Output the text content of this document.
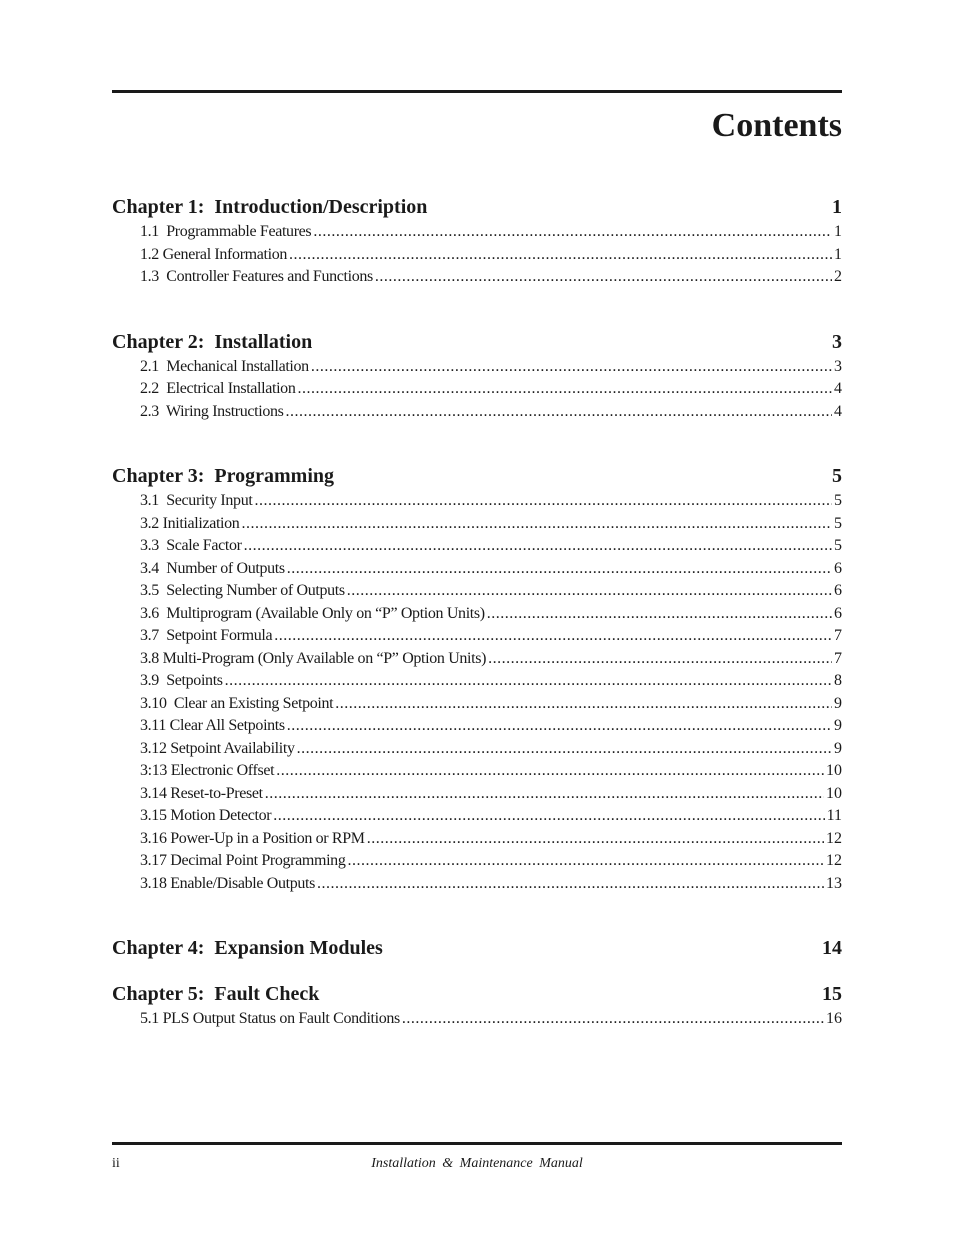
Contents
Chapter 1:  Introduction/Description	1
1.1  Programmable Features .....	1
1.2 General Information .....	1
1.3  Controller Features and Functions .....	2
Chapter 2:  Installation	3
2.1  Mechanical Installation .....	3
2.2  Electrical Installation .....	4
2.3  Wiring Instructions .....	4
Chapter 3:  Programming	5
3.1  Security Input .....	5
3.2 Initialization .....	5
3.3  Scale Factor .....	5
3.4  Number of Outputs .....	6
3.5  Selecting Number of Outputs .....	6
3.6  Multiprogram (Available Only on “P” Option Units) .....	6
3.7  Setpoint Formula .....	7
3.8 Multi-Program (Only Available on “P” Option Units) .....	7
3.9  Setpoints .....	8
3.10  Clear an Existing Setpoint .....	9
3.11 Clear All Setpoints .....	9
3.12 Setpoint Availability .....	9
3:13 Electronic Offset .....	10
3.14 Reset-to-Preset .....	10
3.15 Motion Detector .....	11
3.16 Power-Up in a Position or RPM .....	12
3.17 Decimal Point Programming .....	12
3.18 Enable/Disable Outputs .....	13
Chapter 4:  Expansion Modules	14
Chapter 5:  Fault Check	15
5.1 PLS Output Status on Fault Conditions .....	16
Installation & Maintenance Manual
ii
